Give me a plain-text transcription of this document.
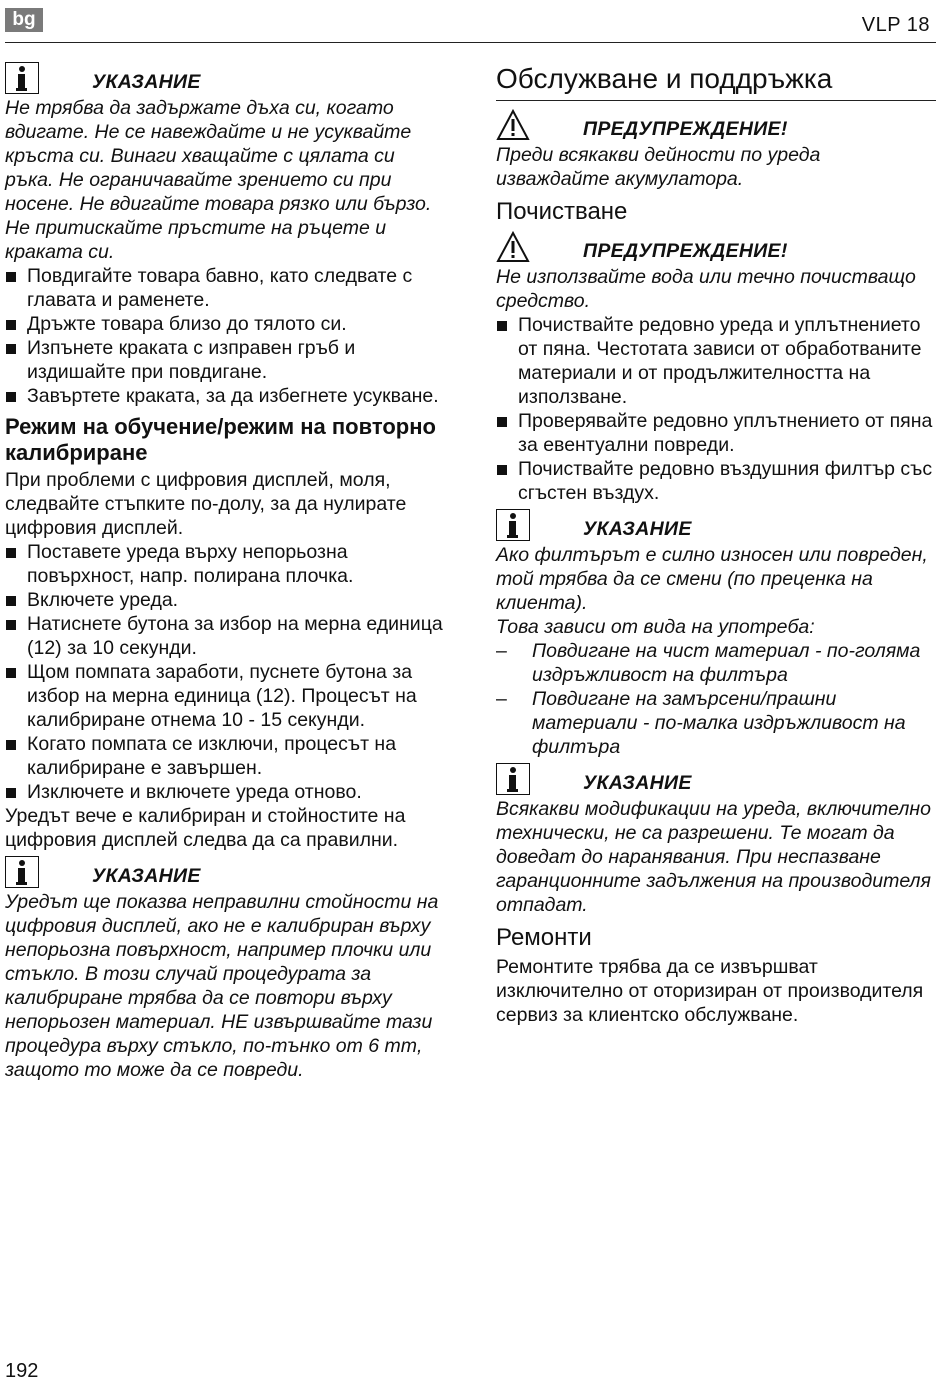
bg	VLP 18
УКАЗАНИЕ
Не трябва да задържате дъха си, когато вдигате. Не се навеждайте и не усуквайте кръста си. Винаги хващайте с цялата си ръка. Не ограничавайте зрението си при носене. Не вдигайте товара рязко или бързо. Не притискайте пръстите на ръцете и краката си.
Повдигайте товара бавно, като следвате с главата и раменете.
Дръжте товара близо до тялото си.
Изпънете краката с изправен гръб и издишайте при повдигане.
Завъртете краката, за да избегнете усукване.
Режим на обучение/режим на повторно калибриране
При проблеми с цифровия дисплей, моля, следвайте стъпките по-долу, за да нулирате цифровия дисплей.
Поставете уреда върху непорьозна повърхност, напр. полирана плочка.
Включете уреда.
Натиснете бутона за избор на мерна единица (12) за 10 секунди.
Щом помпата заработи, пуснете бутона за избор на мерна единица (12). Процесът на калибриране отнема 10 - 15 секунди.
Когато помпата се изключи, процесът на калибриране е завършен.
Изключете и включете уреда отново.
Уредът вече е калибриран и стойностите на цифровия дисплей следва да са правилни.
УКАЗАНИЕ
Уредът ще показва неправилни стойности на цифровия дисплей, ако не е калибриран върху непорьозна повърхност, например плочки или стъкло. В този случай процедурата за калибриране трябва да се повтори върху непорьозен материал. НЕ извършвайте тази процедура върху стъкло, по-тънко от 6 mm, защото то може да се повреди.
Обслужване и поддръжка
ПРЕДУПРЕЖДЕНИЕ!
Преди всякакви дейности по уреда изваждайте акумулатора.
Почистване
ПРЕДУПРЕЖДЕНИЕ!
Не използвайте вода или течно почистващо средство.
Почиствайте редовно уреда и уплътнението от пяна. Честотата зависи от обработваните материали и от продължителността на използване.
Проверявайте редовно уплътнението от пяна за евентуални повреди.
Почиствайте редовно въздушния филтър със сгъстен въздух.
УКАЗАНИЕ
Ако филтърът е силно износен или повреден, той трябва да се смени (по преценка на клиента).
Това зависи от вида на употреба:
– Повдигане на чист материал - по-голяма издръжливост на филтъра
– Повдигане на замърсени/прашни материали - по-малка издръжливост на филтъра
УКАЗАНИЕ
Всякакви модификации на уреда, включително технически, не са разрешени. Те могат да доведат до наранявания. При неспазване гаранционните задължения на производителя отпадат.
Ремонти
Ремонтите трябва да се извършват изключително от оторизиран от производителя сервиз за клиентско обслужване.
192
